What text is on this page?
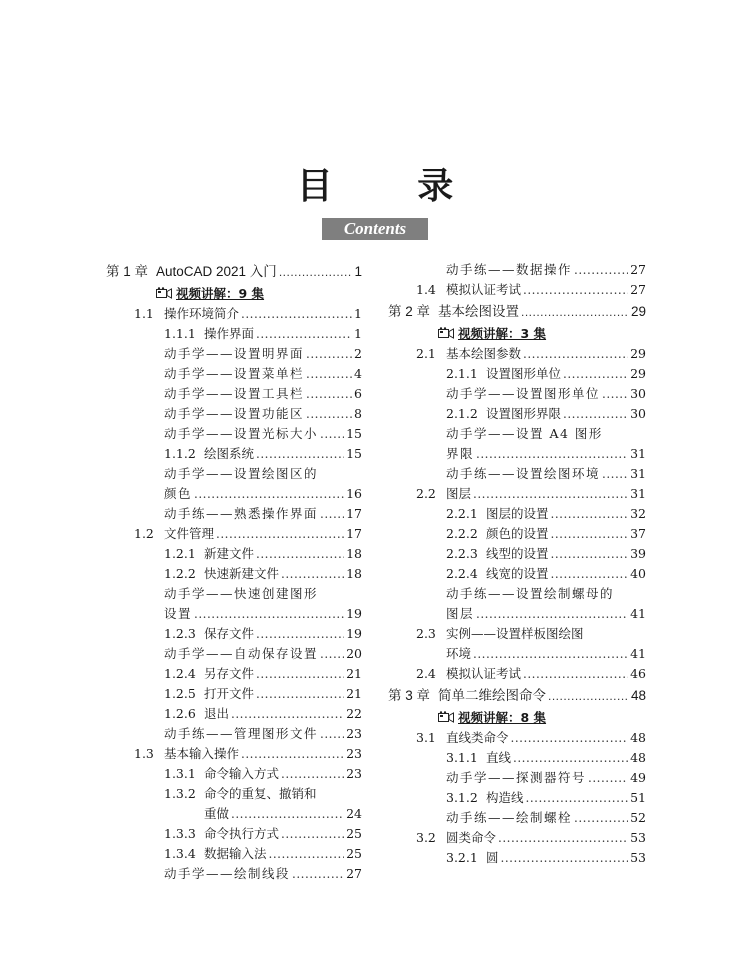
目 录
Contents
第 1 章 AutoCAD 2021 入门 .....	1
视频讲解：9 集
1.1 操作环境简介 .....	1
1.1.1 操作界面 .....	1
动手学——设置明界面 .....	2
动手学——设置菜单栏 .....	4
动手学——设置工具栏 .....	6
动手学——设置功能区 .....	8
动手学——设置光标大小 ..... 15
1.1.2 绘图系统 .....	15
动手学——设置绘图区的
颜色 .....	16
动手练——熟悉操作界面 ..... 17
1.2 文件管理 .....	17
1.2.1 新建文件 .....	18
1.2.2 快速新建文件 .....	18
动手学——快速创建图形
设置 .....	19
1.2.3 保存文件 .....	19
动手学——自动保存设置 ..... 20
1.2.4 另存文件 .....	21
1.2.5 打开文件 .....	21
1.2.6 退出 .....	22
动手练——管理图形文件 ..... 23
1.3 基本输入操作 .....	23
1.3.1 命令输入方式 .....	23
1.3.2 命令的重复、撤销和
重做 .....	24
1.3.3 命令执行方式 .....	25
1.3.4 数据输入法 .....	25
动手学——绘制线段 .....	27
动手练——数据操作 .....	27
1.4 模拟认证考试 .....	27
第 2 章 基本绘图设置 .....	29
视频讲解：3 集
2.1 基本绘图参数 .....	29
2.1.1 设置图形单位 .....	29
动手学——设置图形单位 ..... 30
2.1.2 设置图形界限 .....	30
动手学——设置 A4 图形
界限 .....	31
动手练——设置绘图环境 ..... 31
2.2 图层 .....	31
2.2.1 图层的设置 .....	32
2.2.2 颜色的设置 .....	37
2.2.3 线型的设置 .....	39
2.2.4 线宽的设置 .....	40
动手练——设置绘制螺母的
图层 .....	41
2.3 实例——设置样板图绘图
环境 .....	41
2.4 模拟认证考试 .....	46
第 3 章 简单二维绘图命令 .....	48
视频讲解：8 集
3.1 直线类命令 .....	48
3.1.1 直线 .....	48
动手学——探测器符号 .....	49
3.1.2 构造线 .....	51
动手练——绘制螺栓 .....	52
3.2 圆类命令 .....	53
3.2.1 圆 .....	53
